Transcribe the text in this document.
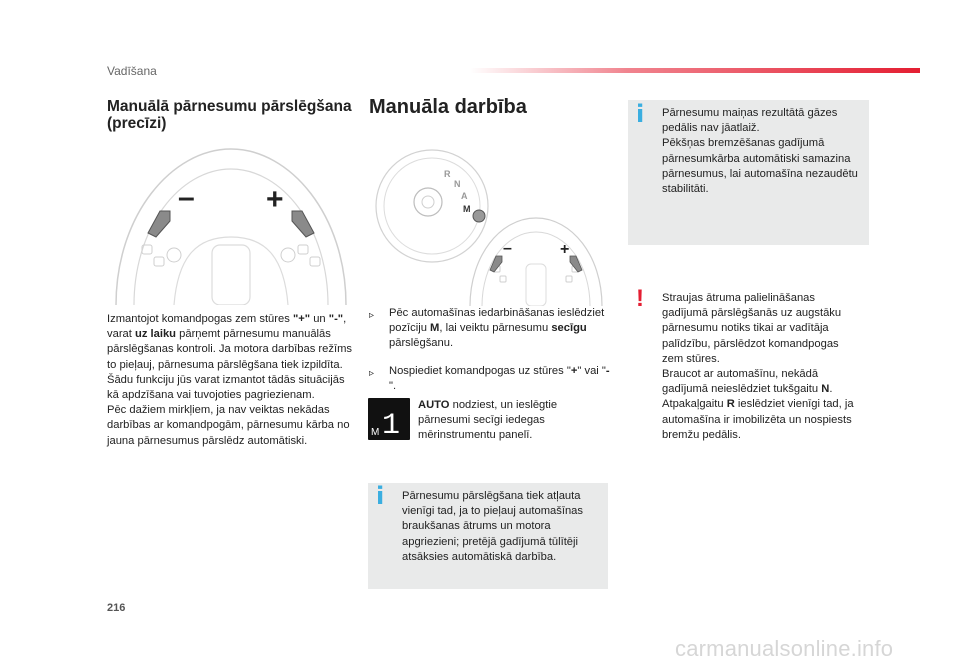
Vadīšana
Manuālā pārnesumu pārslēgšana (precīzi)
– +

Izmantojot komandpogas zem stūres "+" un "-", varat uz laiku pārņemt pārnesumu manuālās pārslēgšanas kontroli. Ja motora darbības režīms to pieļauj, pārnesuma pārslēgšana tiek izpildīta.

Šādu funkciju jūs varat izmantot tādās situācijās kā apdzīšana vai tuvojoties pagriezienam.

Pēc dažiem mirkļiem, ja nav veiktas nekādas darbības ar komandpogām, pārnesumu kārba no jauna pārnesumus pārslēdz automātiski.

Manuāla darbība
R
N
A
M
–	+
▹	Pēc automašīnas iedarbināšanas ieslēdziet pozīciju M, lai veiktu pārnesumu secīgu pārslēgšanu.
▹	Nospiediet komandpogas uz stūres "+" vai "-".
M 1
AUTO nodziest, un ieslēgtie pārnesumi secīgi iedegas mērinstrumentu panelī.
i Pārnesumu pārslēgšana tiek atļauta vienīgi tad, ja to pieļauj automašīnas braukšanas ātrums un motora apgriezieni; pretējā gadījumā tūlītēji atsāksies automātiskā darbība.
i Pārnesumu maiņas rezultātā gāzes pedālis nav jāatlaiž.
Pēkšņas bremzēšanas gadījumā pārnesumkārba automātiski samazina pārnesumus, lai automašīna nezaudētu stabilitāti.
! Straujas ātruma palielināšanas gadījumā pārslēgšanās uz augstāku pārnesumu notiks tikai ar vadītāja palīdzību, pārslēdzot komandpogas zem stūres.
Braucot ar automašīnu, nekādā gadījumā neieslēdziet tukšgaitu N.
Atpakaļgaitu R ieslēdziet vienīgi tad, ja automašīna ir imobilizēta un nospiests bremžu pedālis.
216
carmanualsonline.info
